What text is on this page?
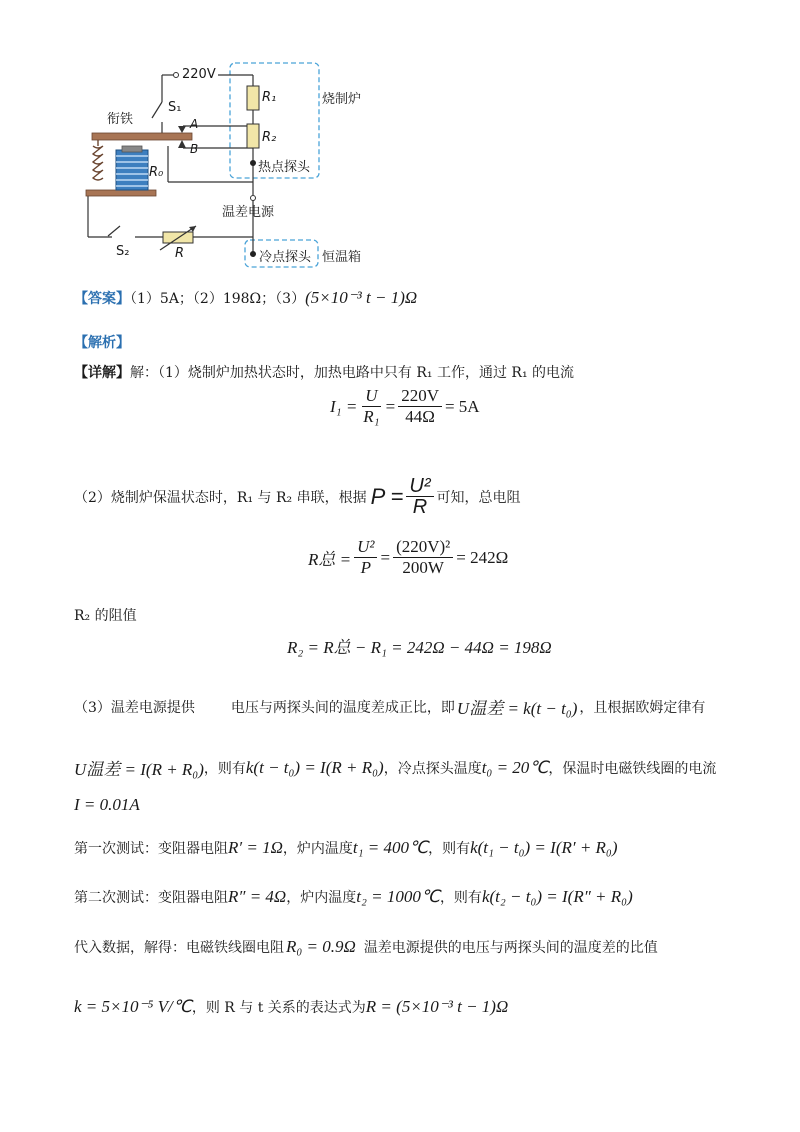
220V
S₁
衔铁	A
B
R₀
R₁
R₂
烧制炉
热点探头
温差电源
S₂	R	冷点探头 恒温箱
【答案】（1）5A；（2）198Ω；（3）(5×10⁻³ t − 1)Ω
【解析】
【详解】解：（1）烧制炉加热状态时，加热电路中只有 R₁ 工作，通过 R₁ 的电流
$I_1 = \frac{U}{\text{R₁}} = \frac{220V}{44\Omega} = 5A$
（2）烧制炉保温状态时，R₁ 与 R₂ 串联，根据 $P = \frac{\text{U²}}{R}$ 可知，总电阻
R总 = $\frac{\text{U²}}{P} = \frac{\text{(220V)²}}{200W} = 242\Omega$
R₂ 的阻值
R₂ = R总 − R₁ = 242Ω − 44Ω = 198Ω
（3）温差电源提供	电压与两探头间的温度差成正比，即 U温差 = k(t − t₀) ，且根据欧姆定律有
U温差 = I(R + R₀) ，则有 k(t − t₀) = I(R + R₀) ，冷点探头温度 t₀ = 20℃ ，保温时电磁铁线圈的电流
I = 0.01A
第一次测试：变阻器电阻 R′ = 1Ω ，炉内温度 t₁ = 400℃ ，则有 k(t₁ − t₀) = I(R′ + R₀)
第二次测试：变阻器电阻 R″ = 4Ω ，炉内温度 t₂ = 1000℃ ，则有 k(t₂ − t₀) = I(R″ + R₀)
代入数据，解得：电磁铁线圈电阻 R₀ = 0.9Ω 温差电源提供的电压与两探头间的温度差的比值
k = 5×10⁻⁵ V/℃ ，则 R 与 t 关系的表达式为 R = (5×10⁻³ t − 1)Ω
